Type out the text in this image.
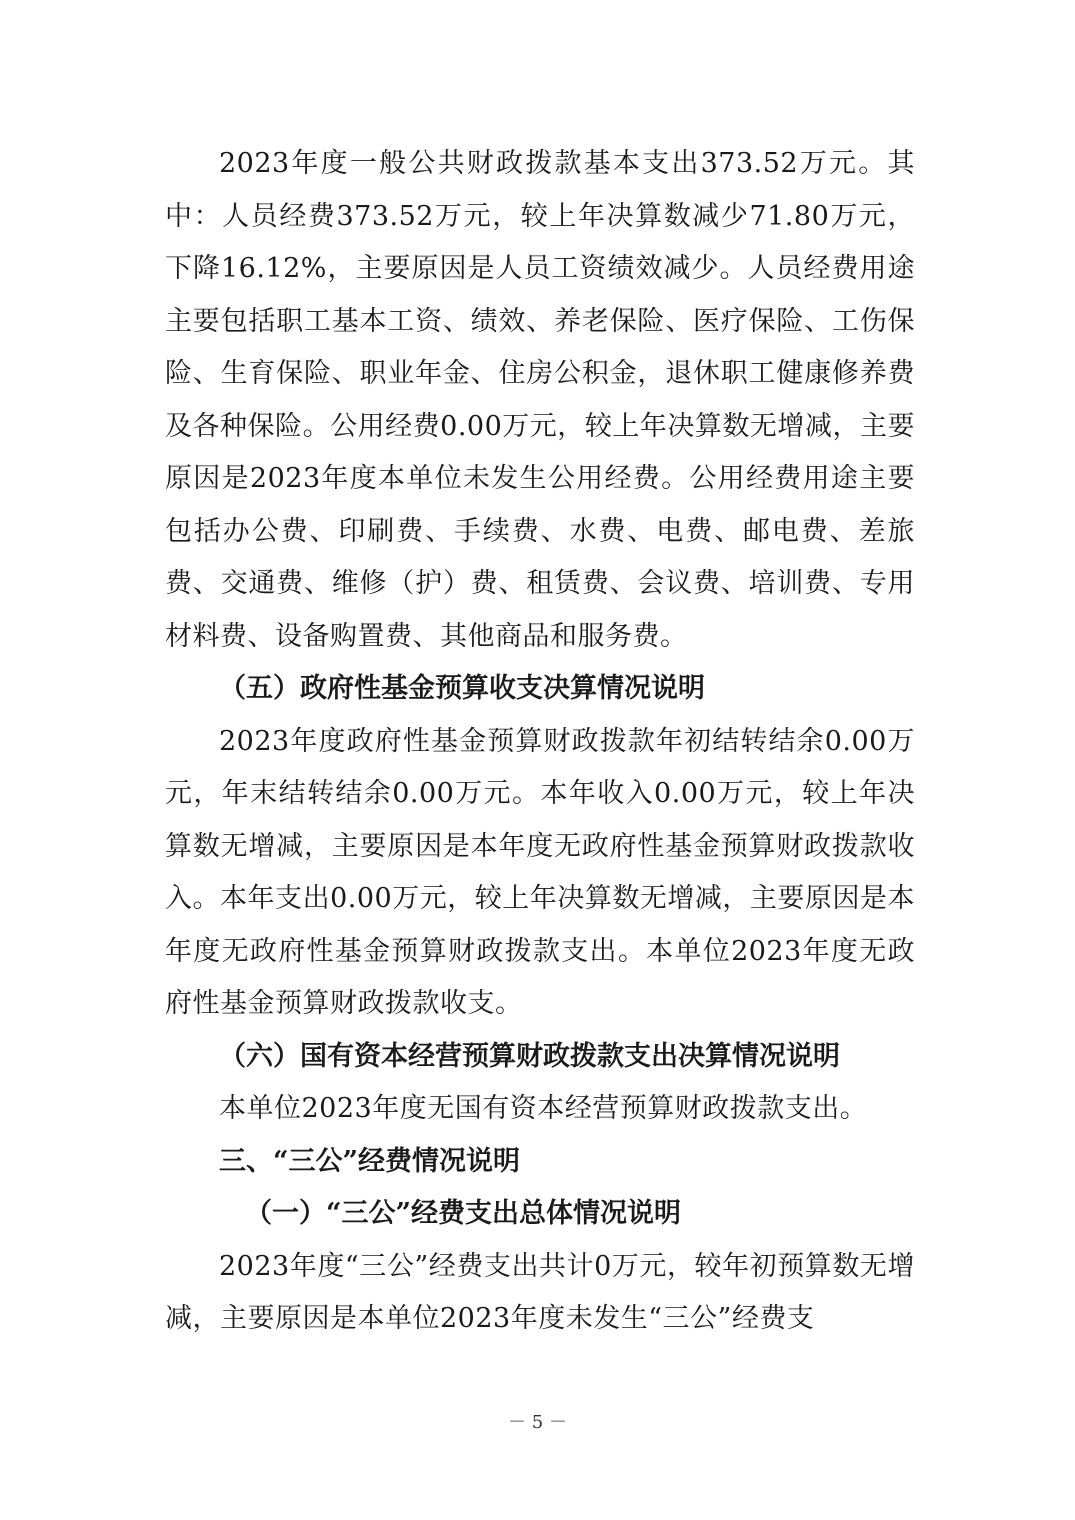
2023年度一般公共财政拨款基本支出373.52万元。其中：人员经费373.52万元，较上年决算数减少71.80万元，下降16.12%，主要原因是人员工资绩效减少。人员经费用途主要包括职工基本工资、绩效、养老保险、医疗保险、工伤保险、生育保险、职业年金、住房公积金，退休职工健康修养费及各种保险。公用经费0.00万元，较上年决算数无增减，主要原因是2023年度本单位未发生公用经费。公用经费用途主要包括办公费、印刷费、手续费、水费、电费、邮电费、差旅费、交通费、维修（护）费、租赁费、会议费、培训费、专用材料费、设备购置费、其他商品和服务费。

（五）政府性基金预算收支决算情况说明

2023年度政府性基金预算财政拨款年初结转结余0.00万元，年末结转结余0.00万元。本年收入0.00万元，较上年决算数无增减，主要原因是本年度无政府性基金预算财政拨款收入。本年支出0.00万元，较上年决算数无增减，主要原因是本年度无政府性基金预算财政拨款支出。本单位2023年度无政府性基金预算财政拨款收支。

（六）国有资本经营预算财政拨款支出决算情况说明

本单位2023年度无国有资本经营预算财政拨款支出。

三、“三公”经费情况说明

（一）“三公”经费支出总体情况说明

2023年度“三公”经费支出共计0万元，较年初预算数无增减，主要原因是本单位2023年度未发生“三公”经费支

－ 5 －
